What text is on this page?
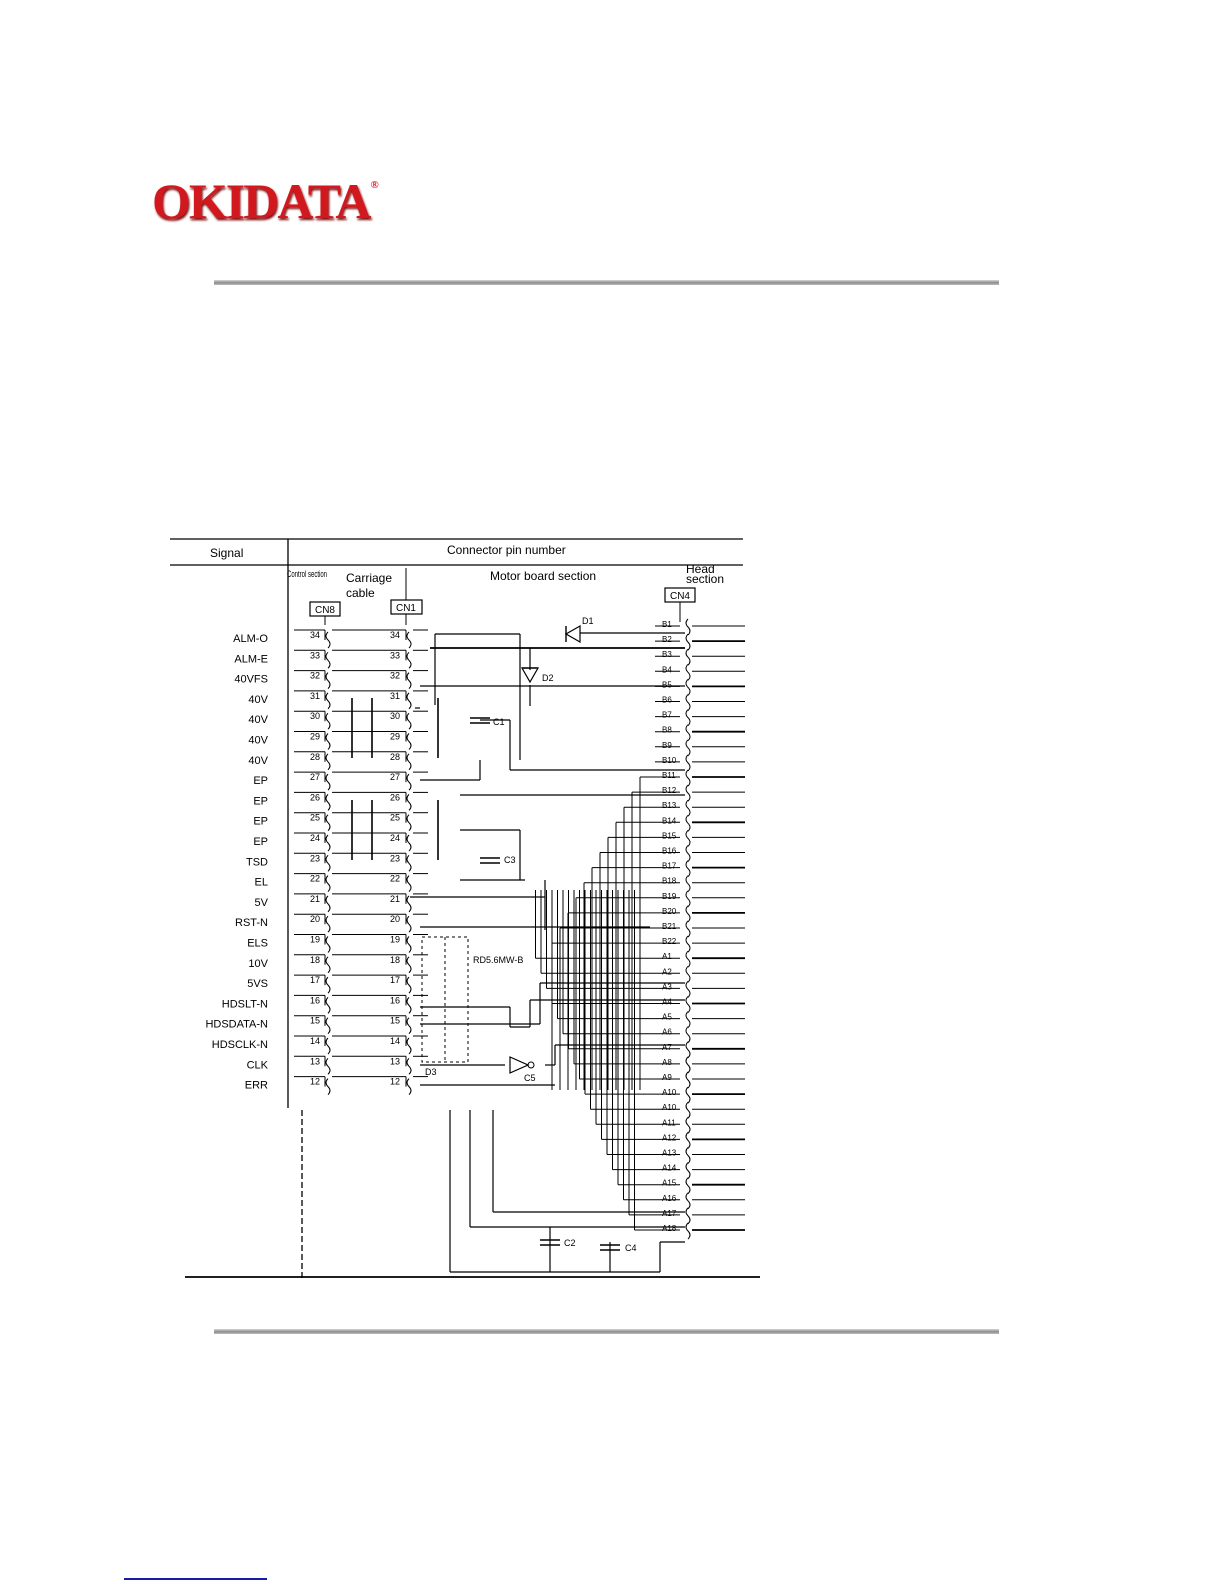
OKIDATA®
Signal	Connector pin number
Control section Carriage
cable
Motor board section	Head
section
CN8	CN1
CN4
ALM-O	34	34
ALM-E	33	33
40VFS	32	32
40V	31	31
40V	30	30
40V	29	29
40V	28	28
EP	27	27
EP	26	26
EP	25	25
EP	24	24
TSD	23	23
EL	22	22
5V	21	21
RST-N	20	20
ELS	19	19
10V	18	18
5VS	17	17
HDSLT-N	16	16
HDSDATA-N	15	15
HDSCLK-N	14	14
CLK	13	13
ERR	12	12
B1
B2
B3
B4
B5
B6
B7
B8
B9
B10
B11
B12
B13
B14
B15
B16
B17
B18
B19
B20
B21
B22
A1
A2
A3
A4
A5
A6
A7
A8
A9
A10
A10
A11
A12
A13
A14
A15
A16
A17
A18
D1
D2
C1
C3
RD5.6MW-B
D3
C5
C2	C4
